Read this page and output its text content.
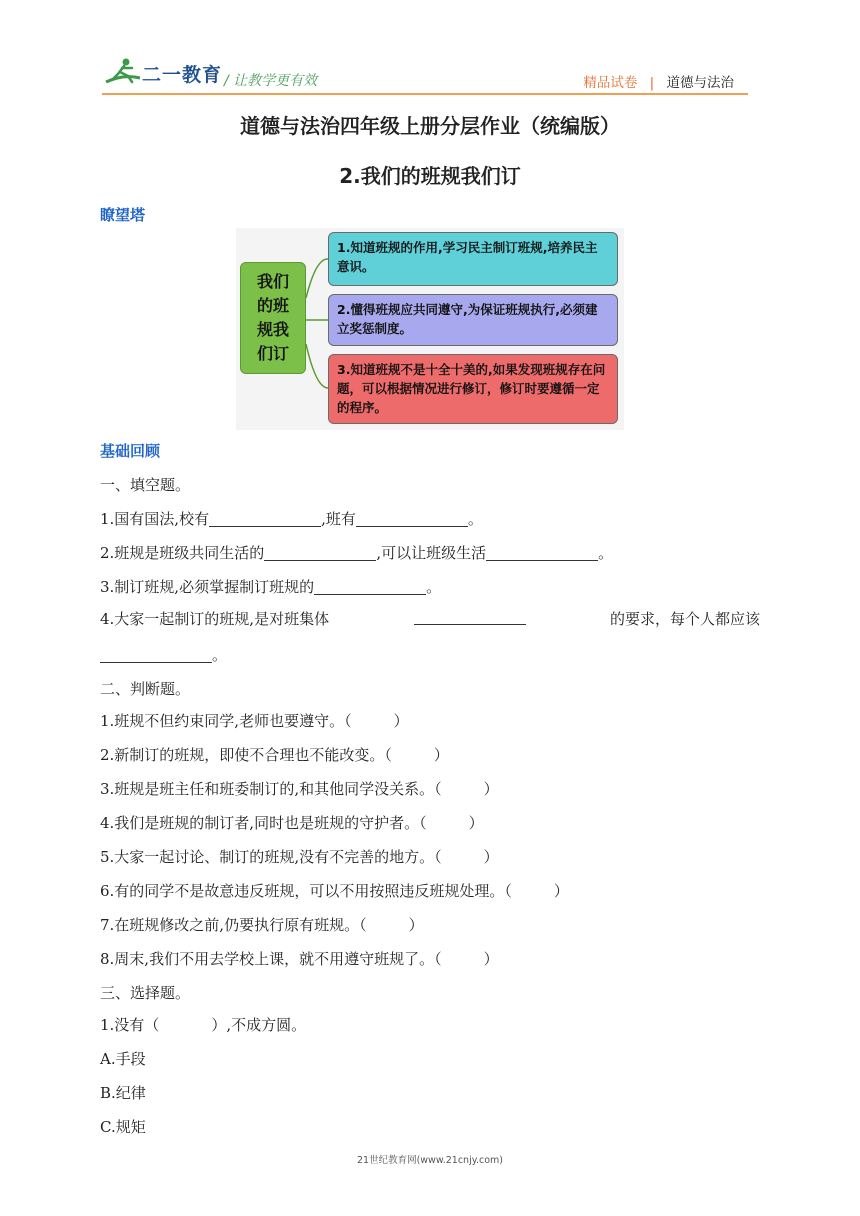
二一教育 / 让教学更有效	精品试卷 | 道德与法治
道德与法治四年级上册分层作业（统编版）
2.我们的班规我们订
瞭望塔
我们的班规我们订
1.知道班规的作用,学习民主制订班规,培养民主意识。
2.懂得班规应共同遵守,为保证班规执行,必须建立奖惩制度。
3.知道班规不是十全十美的,如果发现班规存在问题，可以根据情况进行修订，修订时要遵循一定的程序。
基础回顾
一、填空题。
1.国有国法,校有	,班有	。
2.班规是班级共同生活的	,可以让班级生活	。
3.制订班规,必须掌握制订班规的	。
4.大家一起制订的班规,是对班集体	的要求，每个人都应该
。
二、判断题。
1.班规不但约束同学,老师也要遵守。（	）
2.新制订的班规，即使不合理也不能改变。（	）
3.班规是班主任和班委制订的,和其他同学没关系。（	）
4.我们是班规的制订者,同时也是班规的守护者。（	）
5.大家一起讨论、制订的班规,没有不完善的地方。（	）
6.有的同学不是故意违反班规，可以不用按照违反班规处理。（	）
7.在班规修改之前,仍要执行原有班规。（	）
8.周末,我们不用去学校上课，就不用遵守班规了。（	）
三、选择题。
1.没有（	）,不成方圆。
A.手段
B.纪律
C.规矩
21世纪教育网(www.21cnjy.com)
